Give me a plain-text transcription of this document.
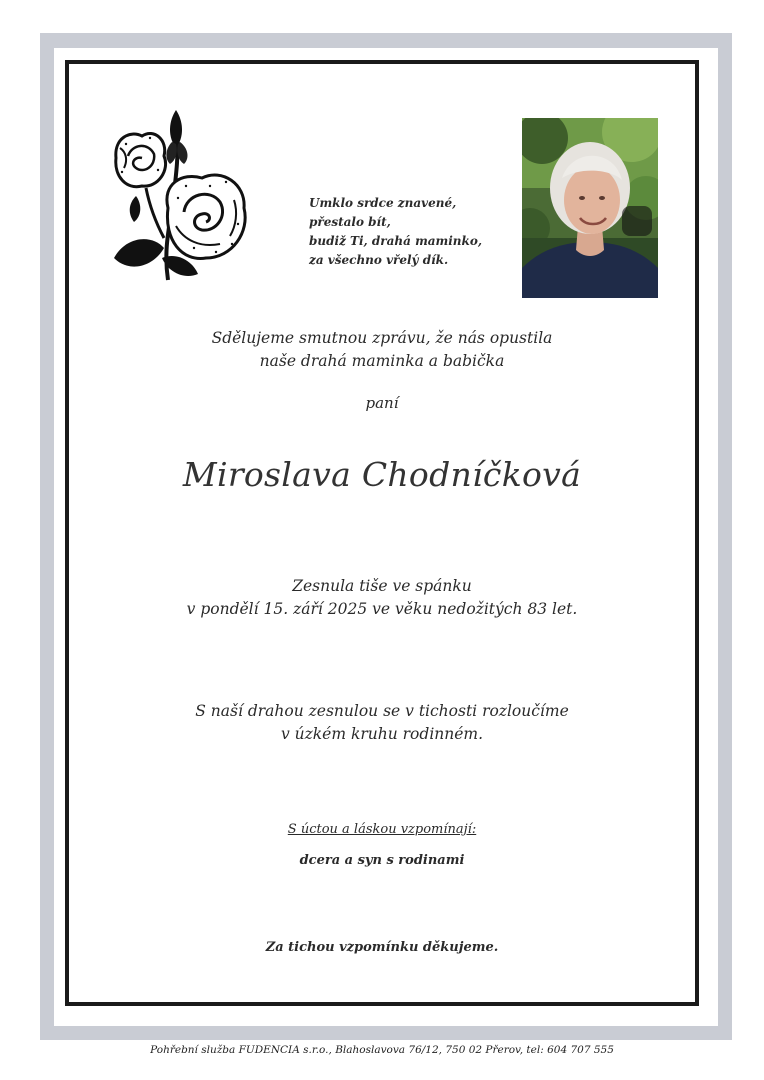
Umklo srdce znavené,
přestalo bít,
budiž Ti, drahá maminko,
za všechno vřelý dík.
Sdělujeme smutnou zprávu, že nás opustila
naše drahá maminka a babička
paní
Miroslava Chodníčková
Zesnula tiše ve spánku
v pondělí 15. září 2025 ve věku nedožitých 83 let.
S naší drahou zesnulou se v tichosti rozloučíme
v úzkém kruhu rodinném.
S úctou a láskou vzpomínají:
dcera a syn s rodinami
Za tichou vzpomínku děkujeme.
Pohřební služba FUDENCIA s.r.o., Blahoslavova 76/12, 750 02 Přerov, tel: 604 707 555
